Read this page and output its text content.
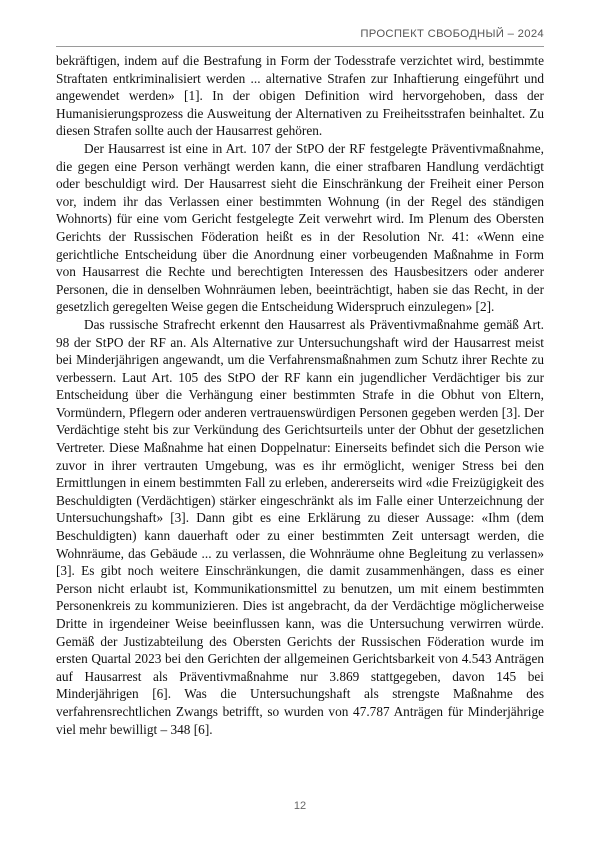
ПРОСПЕКТ СВОБОДНЫЙ – 2024

bekräftigen, indem auf die Bestrafung in Form der Todesstrafe verzichtet wird, bestimmte Straftaten entkriminalisiert werden ... alternative Strafen zur Inhaftierung eingeführt und angewendet werden» [1]. In der obigen Definition wird hervorgehoben, dass der Humanisierungsprozess die Ausweitung der Alternativen zu Freiheitsstrafen beinhaltet. Zu diesen Strafen sollte auch der Hausarrest gehören.

Der Hausarrest ist eine in Art. 107 der StPO der RF festgelegte Präventivmaßnahme, die gegen eine Person verhängt werden kann, die einer strafbaren Handlung verdächtigt oder beschuldigt wird. Der Hausarrest sieht die Einschränkung der Freiheit einer Person vor, indem ihr das Verlassen einer bestimmten Wohnung (in der Regel des ständigen Wohnorts) für eine vom Gericht festgelegte Zeit verwehrt wird. Im Plenum des Obersten Gerichts der Russischen Föderation heißt es in der Resolution Nr. 41: «Wenn eine gerichtliche Entscheidung über die Anordnung einer vorbeugenden Maßnahme in Form von Hausarrest die Rechte und berechtigten Interessen des Hausbesitzers oder anderer Personen, die in denselben Wohnräumen leben, beeinträchtigt, haben sie das Recht, in der gesetzlich geregelten Weise gegen die Entscheidung Widerspruch einzulegen» [2].

Das russische Strafrecht erkennt den Hausarrest als Präventivmaßnahme gemäß Art. 98 der StPO der RF an. Als Alternative zur Untersuchungshaft wird der Hausarrest meist bei Minderjährigen angewandt, um die Verfahrensmaßnahmen zum Schutz ihrer Rechte zu verbessern. Laut Art. 105 des StPO der RF kann ein jugendlicher Verdächtiger bis zur Entscheidung über die Verhängung einer bestimmten Strafe in die Obhut von Eltern, Vormündern, Pflegern oder anderen vertrauenswürdigen Personen gegeben werden [3]. Der Verdächtige steht bis zur Verkündung des Gerichtsurteils unter der Obhut der gesetzlichen Vertreter. Diese Maßnahme hat einen Doppelnatur: Einerseits befindet sich die Person wie zuvor in ihrer vertrauten Umgebung, was es ihr ermöglicht, weniger Stress bei den Ermittlungen in einem bestimmten Fall zu erleben, andererseits wird «die Freizügigkeit des Beschuldigten (Verdächtigen) stärker eingeschränkt als im Falle einer Unterzeichnung der Untersuchungshaft» [3]. Dann gibt es eine Erklärung zu dieser Aussage: «Ihm (dem Beschuldigten) kann dauerhaft oder zu einer bestimmten Zeit untersagt werden, die Wohnräume, das Gebäude ... zu verlassen, die Wohnräume ohne Begleitung zu verlassen» [3]. Es gibt noch weitere Einschränkungen, die damit zusammenhängen, dass es einer Person nicht erlaubt ist, Kommunikationsmittel zu benutzen, um mit einem bestimmten Personenkreis zu kommunizieren. Dies ist angebracht, da der Verdächtige möglicherweise Dritte in irgendeiner Weise beeinflussen kann, was die Untersuchung verwirren würde. Gemäß der Justizabteilung des Obersten Gerichts der Russischen Föderation wurde im ersten Quartal 2023 bei den Gerichten der allgemeinen Gerichtsbarkeit von 4.543 Anträgen auf Hausarrest als Präventivmaßnahme nur 3.869 stattgegeben, davon 145 bei Minderjährigen [6]. Was die Untersuchungshaft als strengste Maßnahme des verfahrensrechtlichen Zwangs betrifft, so wurden von 47.787 Anträgen für Minderjährige viel mehr bewilligt – 348 [6].

12
